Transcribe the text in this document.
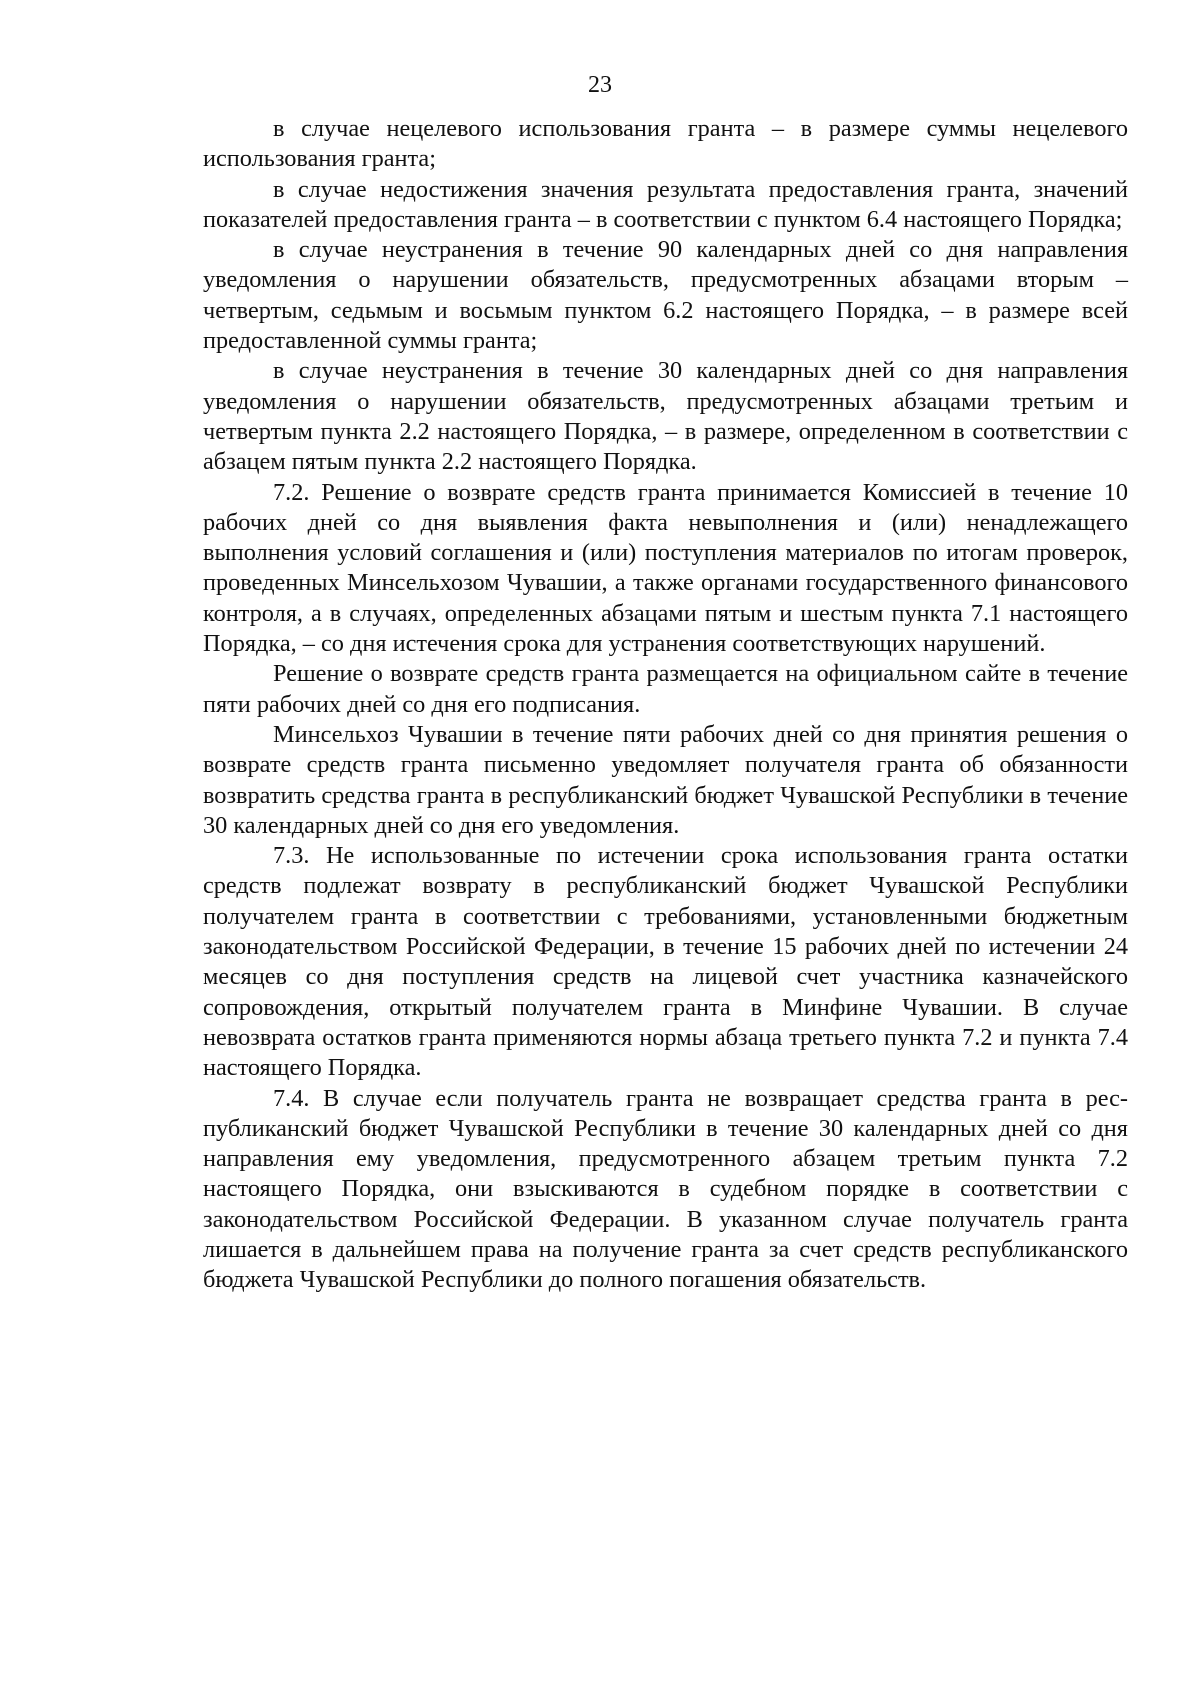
23

в случае нецелевого использования гранта – в размере суммы нецелевого использования гранта;

в случае недостижения значения результата предоставления гранта, значений показателей предоставления гранта – в соответствии с пунктом 6.4 настоящего Порядка;

в случае неустранения в течение 90 календарных дней со дня направления уведомления о нарушении обязательств, предусмотренных абзацами вторым – четвертым, седьмым и восьмым пунктом 6.2 настоящего Порядка, – в размере всей предоставленной суммы гранта;

в случае неустранения в течение 30 календарных дней со дня направления уведомления о нарушении обязательств, предусмотренных абзацами третьим и четвертым пункта 2.2 настоящего Порядка, – в размере, определенном в соответствии с абзацем пятым пункта 2.2 настоящего Порядка.

7.2. Решение о возврате средств гранта принимается Комиссией в течение 10 рабочих дней со дня выявления факта невыполнения и (или) ненадлежащего выполнения условий соглашения и (или) поступления материалов по итогам проверок, проведенных Минсельхозом Чувашии, а также органами государственного финансового контроля, а в случаях, определенных абзацами пятым и шестым пункта 7.1 настоящего Порядка, – со дня истечения срока для устранения соответствующих нарушений.

Решение о возврате средств гранта размещается на официальном сайте в течение пяти рабочих дней со дня его подписания.

Минсельхоз Чувашии в течение пяти рабочих дней со дня принятия решения о возврате средств гранта письменно уведомляет получателя гранта об обязанности возвратить средства гранта в республиканский бюджет Чувашской Республики в течение 30 календарных дней со дня его уведомления.

7.3. Не использованные по истечении срока использования гранта остатки средств подлежат возврату в республиканский бюджет Чувашской Республики получателем гранта в соответствии с требованиями, установленными бюджетным законодательством Российской Федерации, в течение 15 рабочих дней по истечении 24 месяцев со дня поступления средств на лицевой счет участника казначейского сопровождения, открытый получателем гранта в Минфине Чувашии. В случае невозврата остатков гранта применяются нормы абзаца третьего пункта 7.2 и пункта 7.4 настоящего Порядка.

7.4. В случае если получатель гранта не возвращает средства гранта в республиканский бюджет Чувашской Республики в течение 30 календарных дней со дня направления ему уведомления, предусмотренного абзацем третьим пункта 7.2 настоящего Порядка, они взыскиваются в судебном порядке в соответствии с законодательством Российской Федерации. В указанном случае получатель гранта лишается в дальнейшем права на получение гранта за счет средств республиканского бюджета Чувашской Республики до полного погашения обязательств.
